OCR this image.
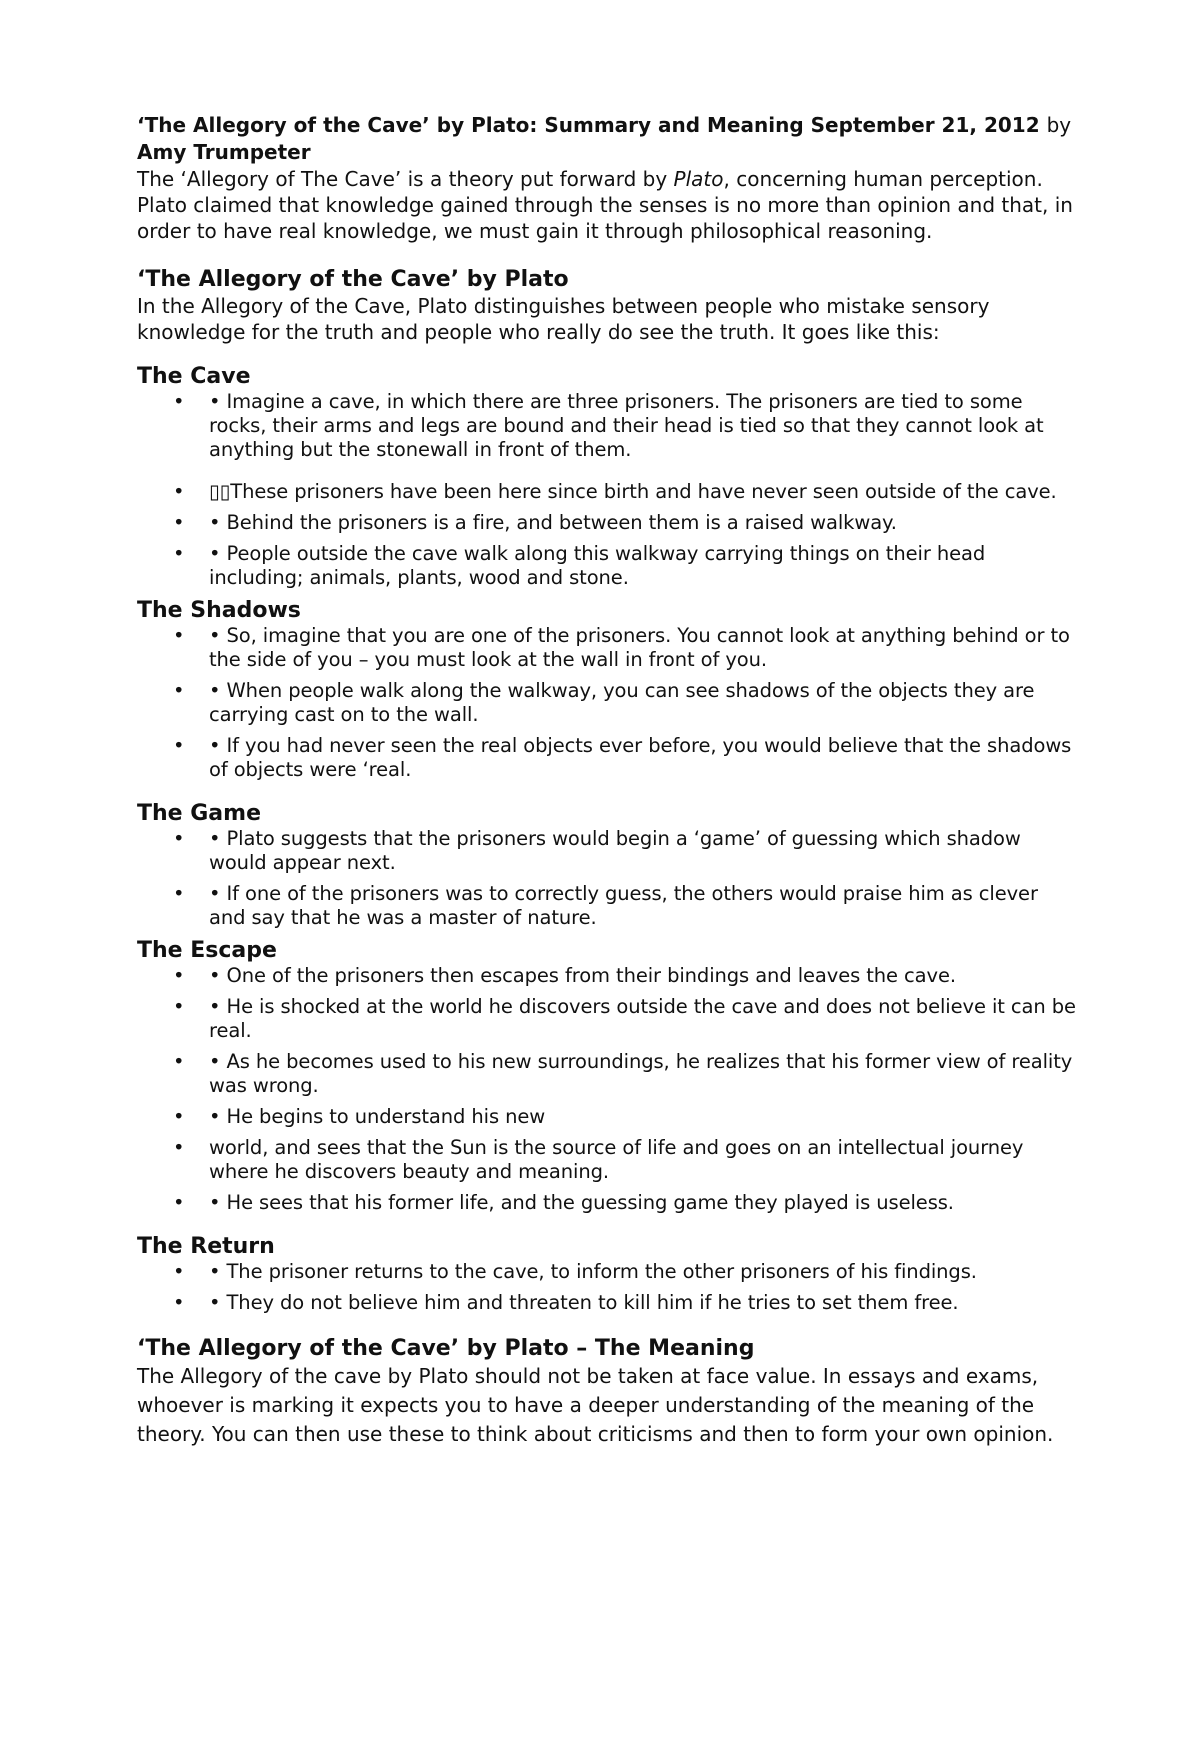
‘The Allegory of the Cave’ by Plato: Summary and Meaning September 21, 2012 by Amy Trumpeter

The ‘Allegory of The Cave’ is a theory put forward by Plato, concerning human perception. Plato claimed that knowledge gained through the senses is no more than opinion and that, in order to have real knowledge, we must gain it through philosophical reasoning.

‘The Allegory of the Cave’ by Plato

In the Allegory of the Cave, Plato distinguishes between people who mistake sensory knowledge for the truth and people who really do see the truth. It goes like this:

The Cave
• • Imagine a cave, in which there are three prisoners. The prisoners are tied to some rocks, their arms and legs are bound and their head is tied so that they cannot look at anything but the stonewall in front of them.
• ▯▯These prisoners have been here since birth and have never seen outside of the cave.
• • Behind the prisoners is a fire, and between them is a raised walkway.
• • People outside the cave walk along this walkway carrying things on their head including; animals, plants, wood and stone.
The Shadows
• • So, imagine that you are one of the prisoners. You cannot look at anything behind or to the side of you – you must look at the wall in front of you.
• • When people walk along the walkway, you can see shadows of the objects they are carrying cast on to the wall.
• • If you had never seen the real objects ever before, you would believe that the shadows of objects were ‘real.
The Game
• • Plato suggests that the prisoners would begin a ‘game’ of guessing which shadow would appear next.
• • If one of the prisoners was to correctly guess, the others would praise him as clever and say that he was a master of nature.
The Escape
• • One of the prisoners then escapes from their bindings and leaves the cave.
• • He is shocked at the world he discovers outside the cave and does not believe it can be real.
• • As he becomes used to his new surroundings, he realizes that his former view of reality was wrong.
• • He begins to understand his new
• world, and sees that the Sun is the source of life and goes on an intellectual journey where he discovers beauty and meaning.
• • He sees that his former life, and the guessing game they played is useless.
The Return
• • The prisoner returns to the cave, to inform the other prisoners of his findings.
• • They do not believe him and threaten to kill him if he tries to set them free.
‘The Allegory of the Cave’ by Plato – The Meaning

The Allegory of the cave by Plato should not be taken at face value. In essays and exams, whoever is marking it expects you to have a deeper understanding of the meaning of the theory. You can then use these to think about criticisms and then to form your own opinion.
